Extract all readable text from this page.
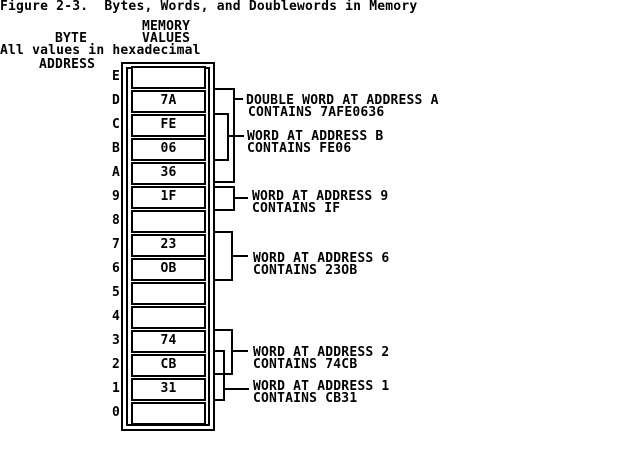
Figure 2-3.  Bytes, Words, and Doublewords in Memory
MEMORY
BYTE	VALUES
All values in hexadecimal
ADDRESS
E
D	7A
C	FE
B	06
A	36
9	1F
8
7	23
6	OB
5
4
3	74
2	CB
1	31
0
DOUBLE WORD AT ADDRESS A
CONTAINS 7AFE0636
WORD AT ADDRESS B
CONTAINS FE06
WORD AT ADDRESS 9
CONTAINS IF
WORD AT ADDRESS 6
CONTAINS 23OB
WORD AT ADDRESS 2
CONTAINS 74CB
WORD AT ADDRESS 1
CONTAINS CB31
